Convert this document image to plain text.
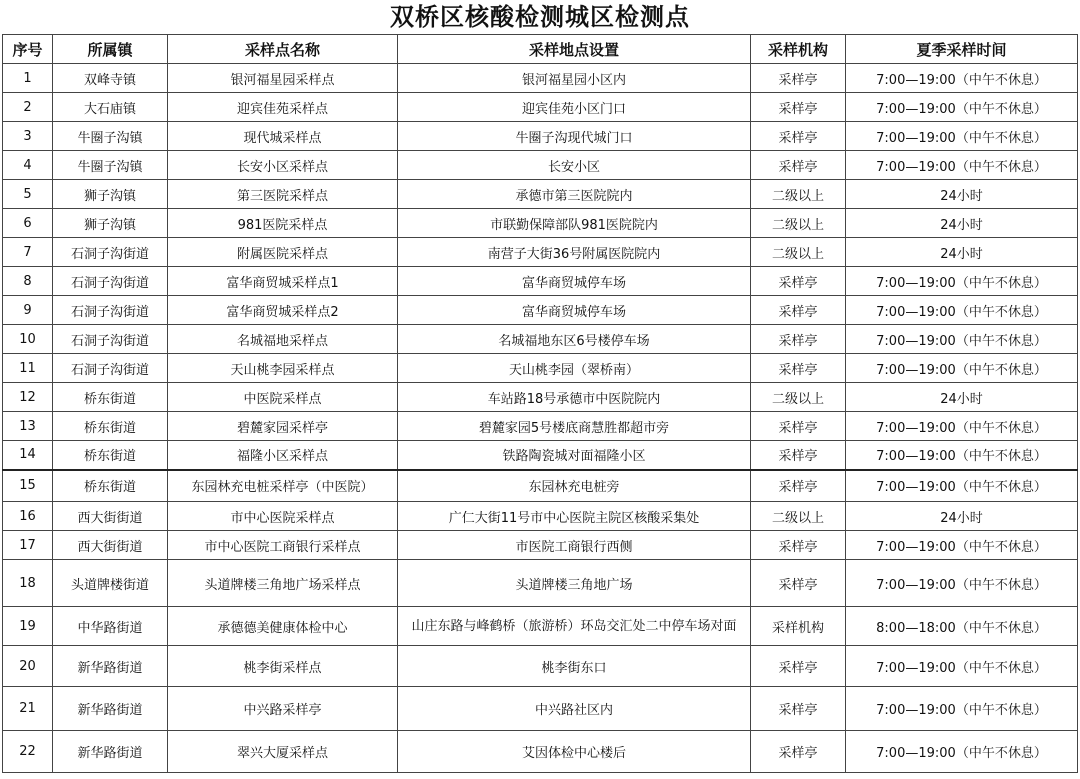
双桥区核酸检测城区检测点
序号	所属镇	采样点名称	采样地点设置	采样机构	夏季采样时间
1	双峰寺镇	银河福星园采样点	银河福星园小区内	采样亭	7:00—19:00（中午不休息）
2	大石庙镇	迎宾佳苑采样点	迎宾佳苑小区门口	采样亭	7:00—19:00（中午不休息）
3	牛圈子沟镇	现代城采样点	牛圈子沟现代城门口	采样亭	7:00—19:00（中午不休息）
4	牛圈子沟镇	长安小区采样点	长安小区	采样亭	7:00—19:00（中午不休息）
5	狮子沟镇	第三医院采样点	承德市第三医院院内	二级以上	24小时
6	狮子沟镇	981医院采样点	市联勤保障部队981医院院内	二级以上	24小时
7	石洞子沟街道	附属医院采样点	南营子大街36号附属医院院内	二级以上	24小时
8	石洞子沟街道	富华商贸城采样点1	富华商贸城停车场	采样亭	7:00—19:00（中午不休息）
9	石洞子沟街道	富华商贸城采样点2	富华商贸城停车场	采样亭	7:00—19:00（中午不休息）
10	石洞子沟街道	名城福地采样点	名城福地东区6号楼停车场	采样亭	7:00—19:00（中午不休息）
11	石洞子沟街道	天山桃李园采样点	天山桃李园（翠桥南）	采样亭	7:00—19:00（中午不休息）
12	桥东街道	中医院采样点	车站路18号承德市中医院院内	二级以上	24小时
13	桥东街道	碧麓家园采样亭	碧麓家园5号楼底商慧胜都超市旁	采样亭	7:00—19:00（中午不休息）
14	桥东街道	福隆小区采样点	铁路陶瓷城对面福隆小区	采样亭	7:00—19:00（中午不休息）
15	桥东街道	东园林充电桩采样亭（中医院）	东园林充电桩旁	采样亭	7:00—19:00（中午不休息）
16	西大街街道	市中心医院采样点	广仁大街11号市中心医院主院区核酸采集处	二级以上	24小时
17	西大街街道	市中心医院工商银行采样点	市医院工商银行西侧	采样亭	7:00—19:00（中午不休息）
18	头道牌楼街道	头道牌楼三角地广场采样点	头道牌楼三角地广场	采样亭	7:00—19:00（中午不休息）
19	中华路街道	承德德美健康体检中心	山庄东路与峰鹤桥（旅游桥）环岛交汇处二中停车场对面	采样机构	8:00—18:00（中午不休息）
20	新华路街道	桃李街采样点	桃李街东口	采样亭	7:00—19:00（中午不休息）
21	新华路街道	中兴路采样亭	中兴路社区内	采样亭	7:00—19:00（中午不休息）
22	新华路街道	翠兴大厦采样点	艾因体检中心楼后	采样亭	7:00—19:00（中午不休息）
